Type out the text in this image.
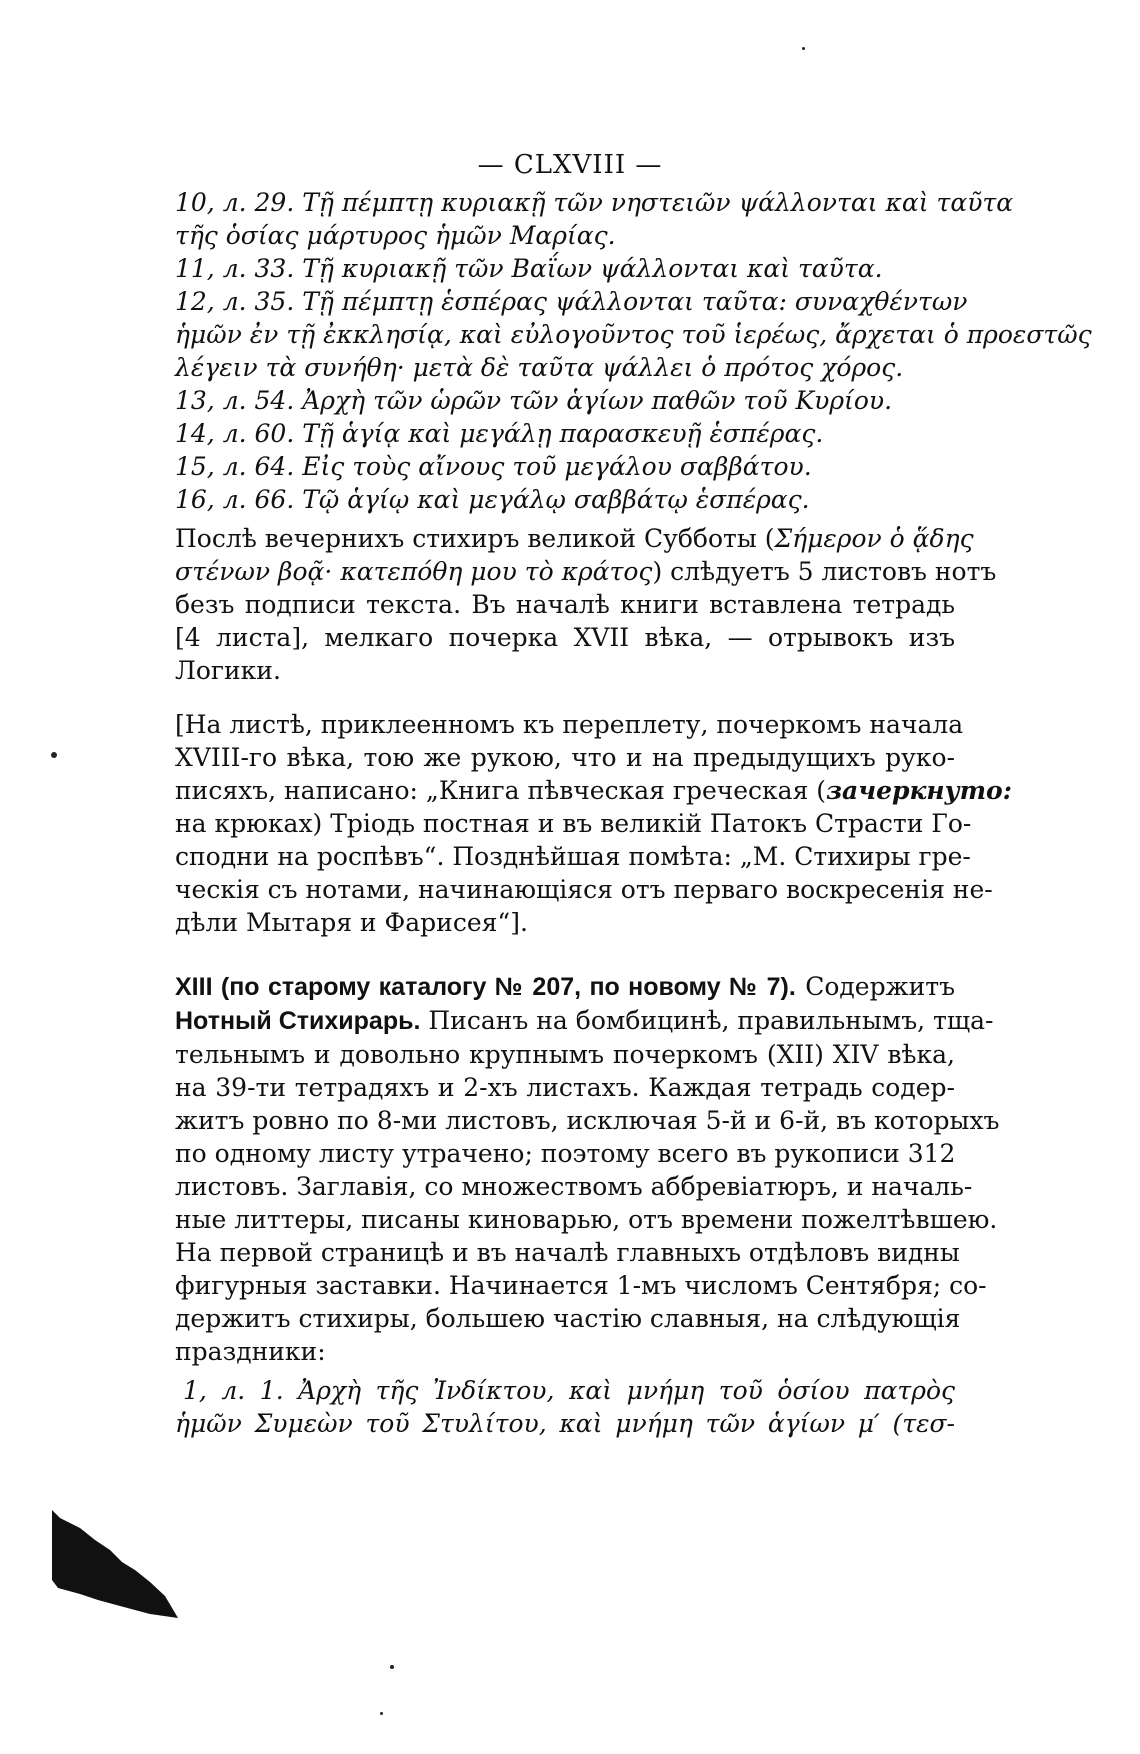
— CLXVIII —
10, л. 29. Τῇ πέμπτῃ κυριακῇ τῶν νηστειῶν ψάλλονται καὶ ταῦτα
τῆς ὁσίας μάρτυρος ἡμῶν Μαρίας.
11, л. 33. Τῇ κυριακῇ τῶν Βαΐων ψάλλονται καὶ ταῦτα.
12, л. 35. Τῇ πέμπτῃ ἑσπέρας ψάλλονται ταῦτα: συναχθέντων
ἡμῶν ἐν τῇ ἐκκλησίᾳ, καὶ εὐλογοῦντος τοῦ ἱερέως, ἄρχεται ὁ προεστῶς
λέγειν τὰ συνήθη· μετὰ δὲ ταῦτα ψάλλει ὁ πρότος χόρος.
13, л. 54. Ἀρχὴ τῶν ὡρῶν τῶν ἁγίων παθῶν τοῦ Κυρίου.
14, л. 60. Τῇ ἁγίᾳ καὶ μεγάλῃ παρασκευῇ ἑσπέρας.
15, л. 64. Εἰς τοὺς αἴνους τοῦ μεγάλου σαββάτου.
16, л. 66. Τῷ ἁγίῳ καὶ μεγάλῳ σαββάτῳ ἑσπέρας.
Послѣ вечернихъ стихиръ великой Субботы (Σήμερον ὁ ᾅδης
στένων βοᾷ· κατεπόθη μου τὸ κράτος) слѣдуетъ 5 листовъ нотъ
безъ подписи текста. Въ началѣ книги вставлена тетрадь
[4 листа], мелкаго почерка XVII вѣка, — отрывокъ изъ
Логики.
[На листѣ, приклеенномъ къ переплету, почеркомъ начала
XVIII-го вѣка, тою же рукою, что и на предыдущихъ руко-
писяхъ, написано: „Книга пѣвческая греческая (зачеркнуто:
на крюках) Тріодь постная и въ великій Патокъ Страсти Го-
сподни на роспѣвъ“. Позднѣйшая помѣта: „М. Стихиры гре-
ческія съ нотами, начинающіяся отъ перваго воскресенія не-
дѣли Мытаря и Фарисея“].
XIII (по старому каталогу № 207, по новому № 7). Содержитъ
Нотный Стихирарь. Писанъ на бомбицинѣ, правильнымъ, тща-
тельнымъ и довольно крупнымъ почеркомъ (XII) XIV вѣка,
на 39-ти тетрадяхъ и 2-хъ листахъ. Каждая тетрадь содер-
житъ ровно по 8-ми листовъ, исключая 5-й и 6-й, въ которыхъ
по одному листу утрачено; поэтому всего въ рукописи 312
листовъ. Заглавія, со множествомъ аббревіатюръ, и началь-
ные литтеры, писаны киноварью, отъ времени пожелтѣвшею.
На первой страницѣ и въ началѣ главныхъ отдѣловъ видны
фигурныя заставки. Начинается 1-мъ числомъ Сентября; со-
держитъ стихиры, большею частію славныя, на слѣдующія
праздники:
1, л. 1. Ἀρχὴ τῆς Ἰνδίκτου, καὶ μνήμη τοῦ ὁσίου πατρὸς
ἡμῶν Συμεὼν τοῦ Στυλίτου, καὶ μνήμη τῶν ἁγίων μ′ (τεσ-
